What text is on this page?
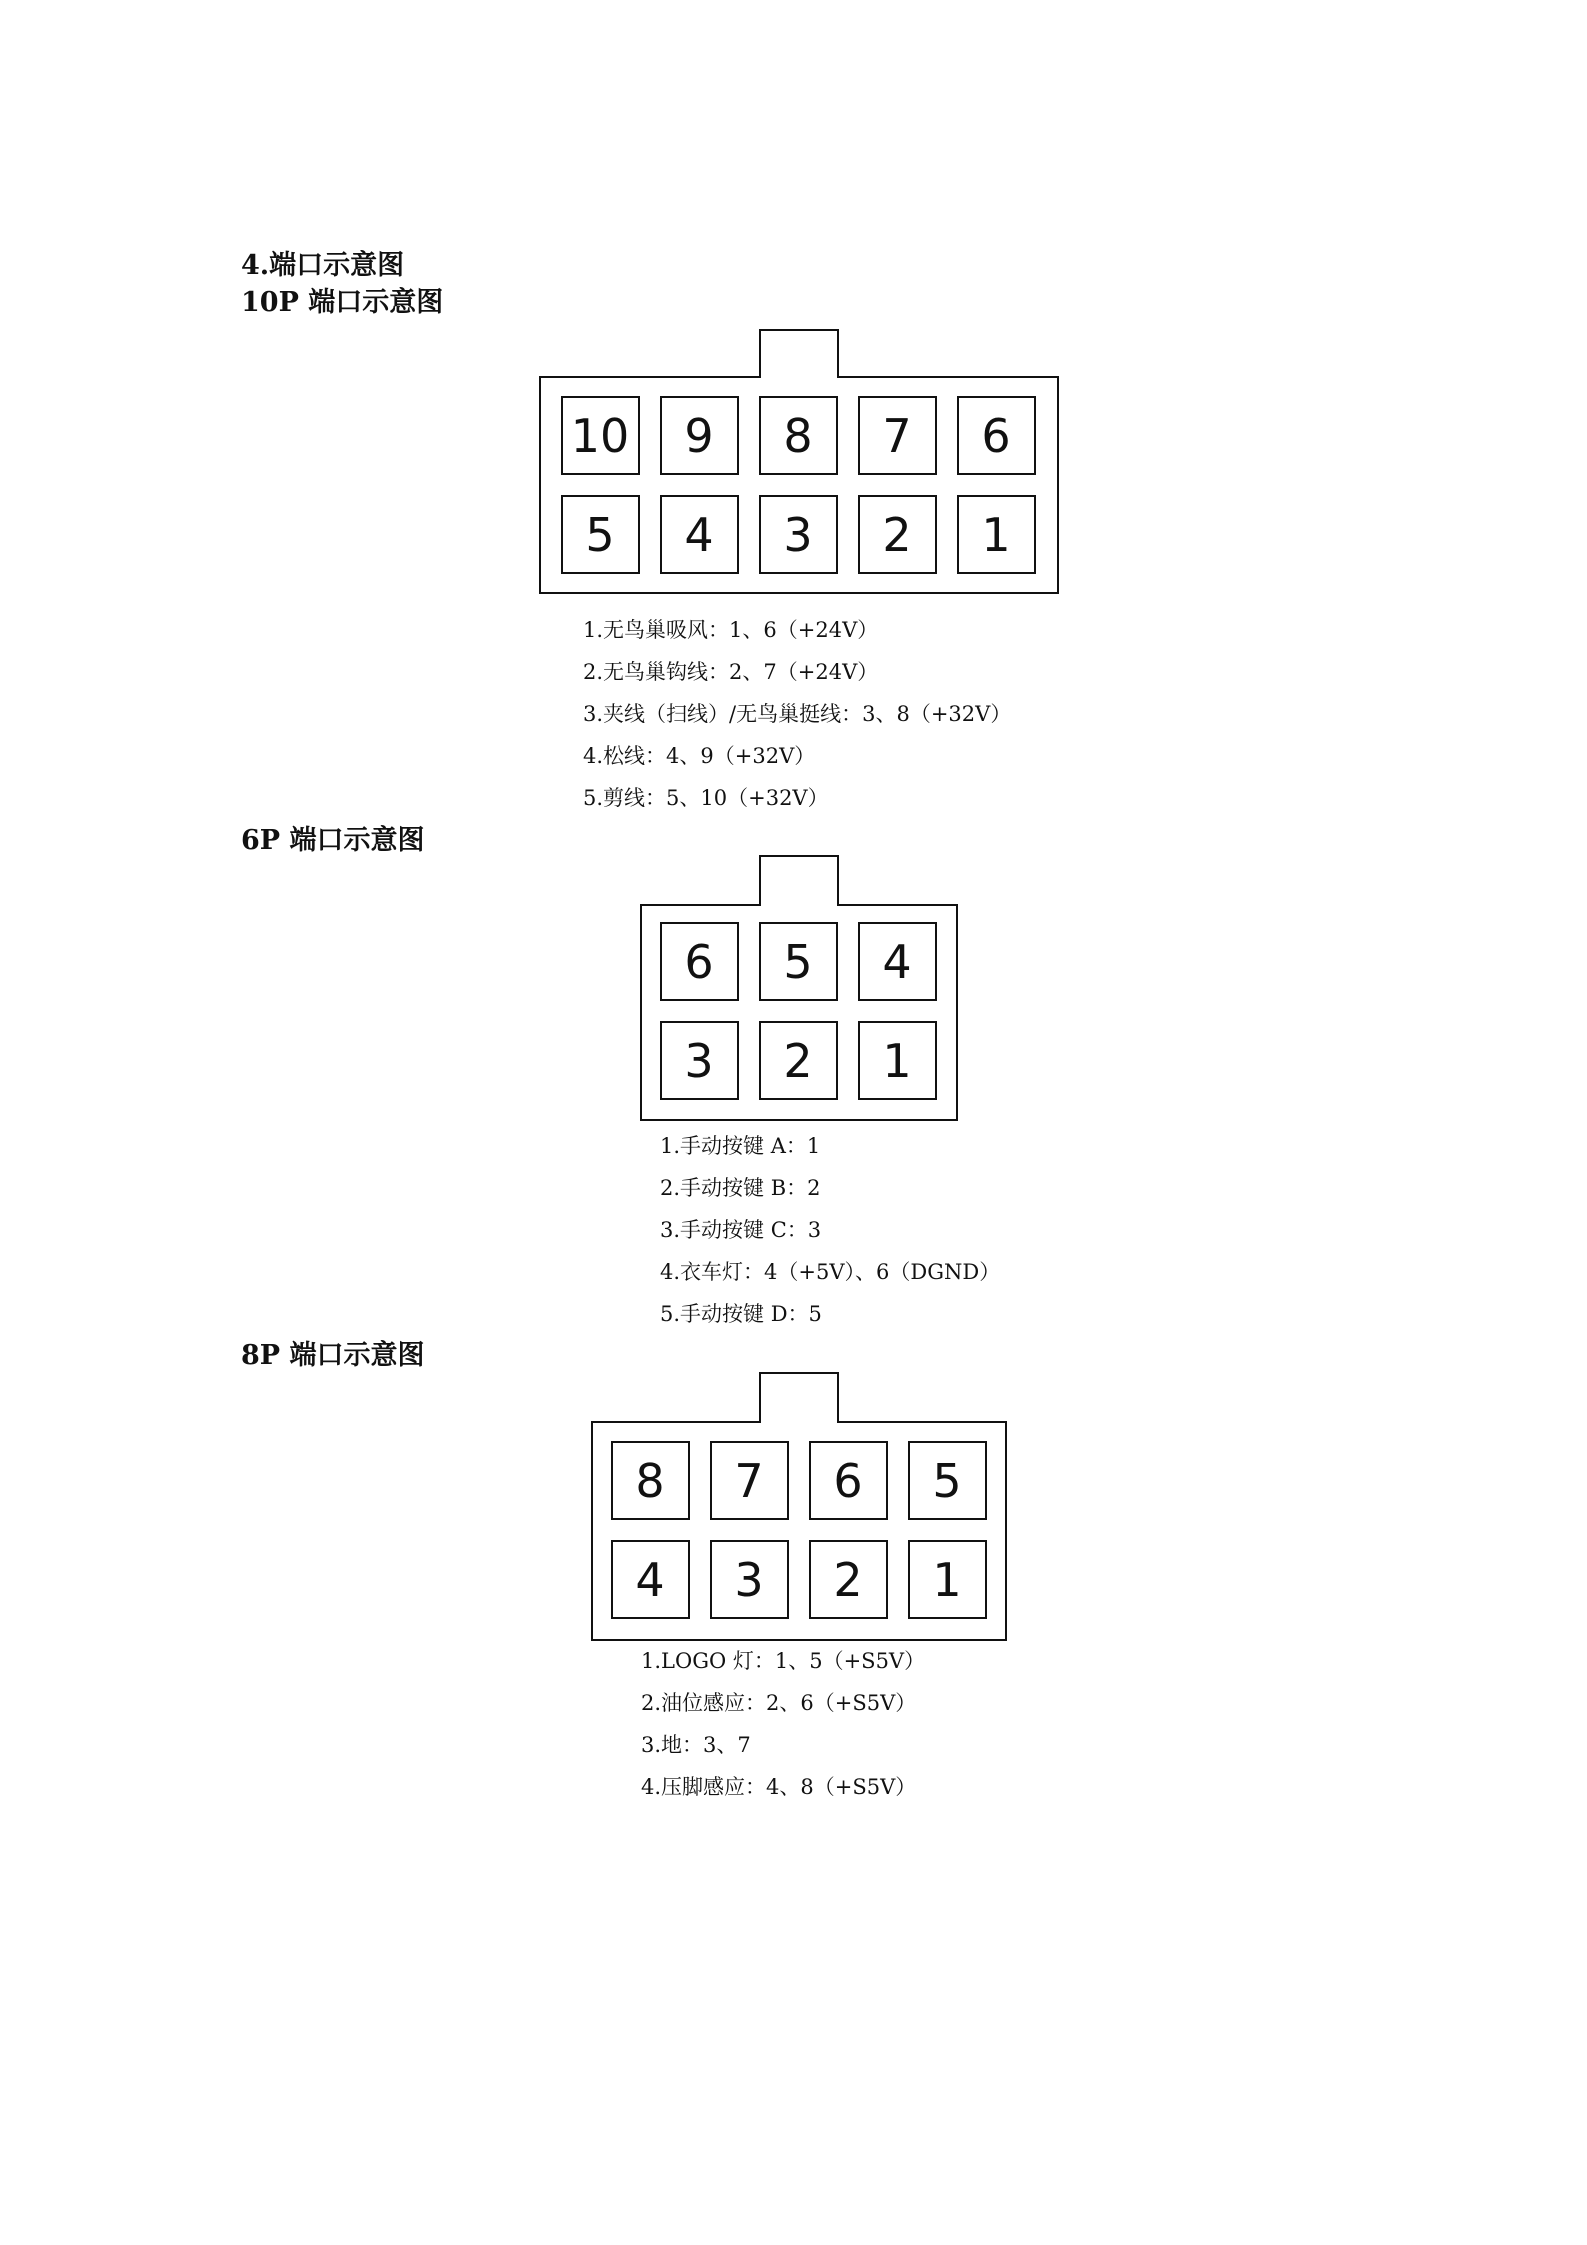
4.端口示意图
10P 端口示意图
10 9 8 7 6
5 4 3 2 1
1.无鸟巢吸风：1、6（+24V）
2.无鸟巢钩线：2、7（+24V）
3.夹线（扫线）/无鸟巢挺线：3、8（+32V）
4.松线：4、9（+32V）
5.剪线：5、10（+32V）
6P 端口示意图
6 5 4
3 2 1
1.手动按键 A：1
2.手动按键 B：2
3.手动按键 C：3
4.衣车灯：4（+5V）、6（DGND）
5.手动按键 D：5
8P 端口示意图
8 7 6 5
4 3 2 1
1.LOGO 灯：1、5（+S5V）
2.油位感应：2、6（+S5V）
3.地：3、7
4.压脚感应：4、8（+S5V）
